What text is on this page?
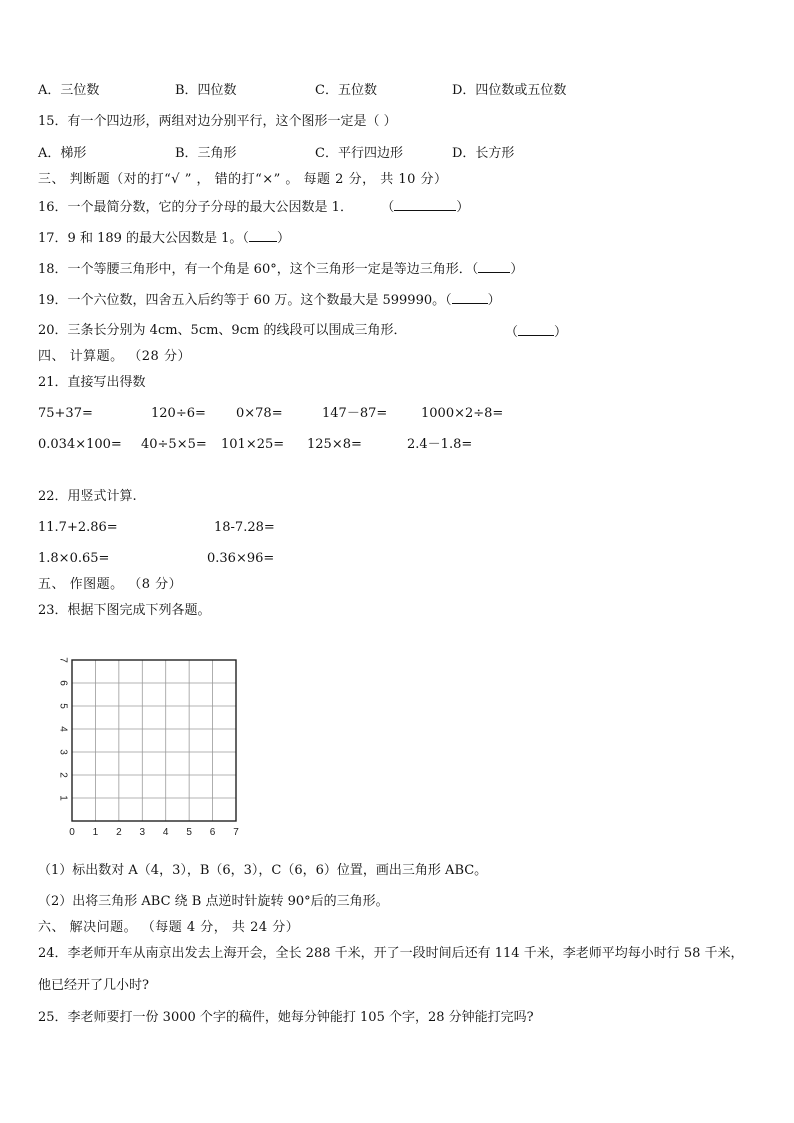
A．三位数	B．四位数	C．五位数	D．四位数或五位数
15．有一个四边形，两组对边分别平行，这个图形一定是（ ）
A．梯形	B．三角形	C．平行四边形	D．长方形
三、 判断题（对的打“√ ” ， 错的打“×” 。 每题 2 分， 共 10 分）
16．一个最简分数，它的分子分母的最大公因数是 1． （	）
17．9 和 189 的最大公因数是 1。（ ）
18．一个等腰三角形中，有一个角是 60°，这个三角形一定是等边三角形．（ ）
19．一个六位数，四舍五入后约等于 60 万。这个数最大是 599990。（	）
20．三条长分别为 4cm、5cm、9cm 的线段可以围成三角形．	（	）
四、 计算题。 （28 分）
21．直接写出得数
75+37=	120÷6= 0×78=	147－87=	1000×2÷8=
0.034×100= 40÷5×5= 101×25= 125×8=	2.4－1.8=
22．用竖式计算.
11.7+2.86=	18-7.28=
1.8×0.65=	0.36×96=
五、 作图题。 （8 分）
23．根据下图完成下列各题。
0 1 2 3 4 5 6 7
1
2
3
4
5
6
7
（1）标出数对 A（4，3），B（6，3），C（6，6）位置，画出三角形 ABC。
（2）出将三角形 ABC 绕 B 点逆时针旋转 90°后的三角形。
六、 解决问题。 （每题 4 分， 共 24 分）
24．李老师开车从南京出发去上海开会，全长 288 千米，开了一段时间后还有 114 千米，李老师平均每小时行 58 千米，
他已经开了几小时?
25．李老师要打一份 3000 个字的稿件，她每分钟能打 105 个字，28 分钟能打完吗?
